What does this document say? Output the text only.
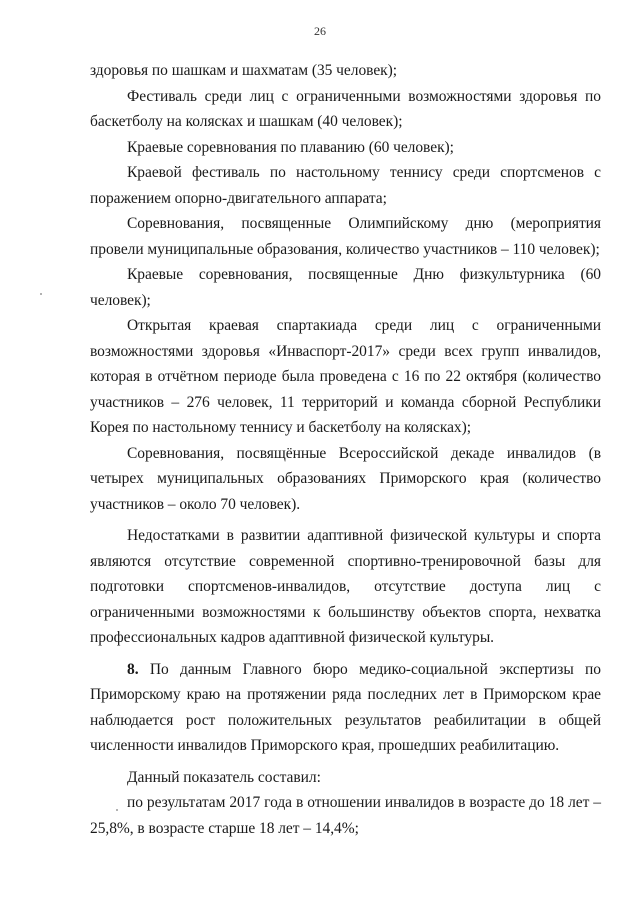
26

здоровья по шашкам и шахматам (35 человек);

Фестиваль среди лиц с ограниченными возможностями здоровья по баскетболу на колясках и шашкам (40 человек);

Краевые соревнования по плаванию (60 человек);

Краевой фестиваль по настольному теннису среди спортсменов с поражением опорно-двигательного аппарата;

Соревнования, посвященные Олимпийскому дню (мероприятия провели муниципальные образования, количество участников – 110 человек);

Краевые соревнования, посвященные Дню физкультурника (60 человек);

Открытая краевая спартакиада среди лиц с ограниченными возможностями здоровья «Инваспорт-2017» среди всех групп инвалидов, которая в отчётном периоде была проведена с 16 по 22 октября (количество участников – 276 человек, 11 территорий и команда сборной Республики Корея по настольному теннису и баскетболу на колясках);

Соревнования, посвящённые Всероссийской декаде инвалидов (в четырех муниципальных образованиях Приморского края (количество участников – около 70 человек).

Недостатками в развитии адаптивной физической культуры и спорта являются отсутствие современной спортивно-тренировочной базы для подготовки спортсменов-инвалидов, отсутствие доступа лиц с ограниченными возможностями к большинству объектов спорта, нехватка профессиональных кадров адаптивной физической культуры.

8. По данным Главного бюро медико-социальной экспертизы по Приморскому краю на протяжении ряда последних лет в Приморском крае наблюдается рост положительных результатов реабилитации в общей численности инвалидов Приморского края, прошедших реабилитацию.

Данный показатель составил:

по результатам 2017 года в отношении инвалидов в возрасте до 18 лет – 25,8%, в возрасте старше 18 лет – 14,4%;
